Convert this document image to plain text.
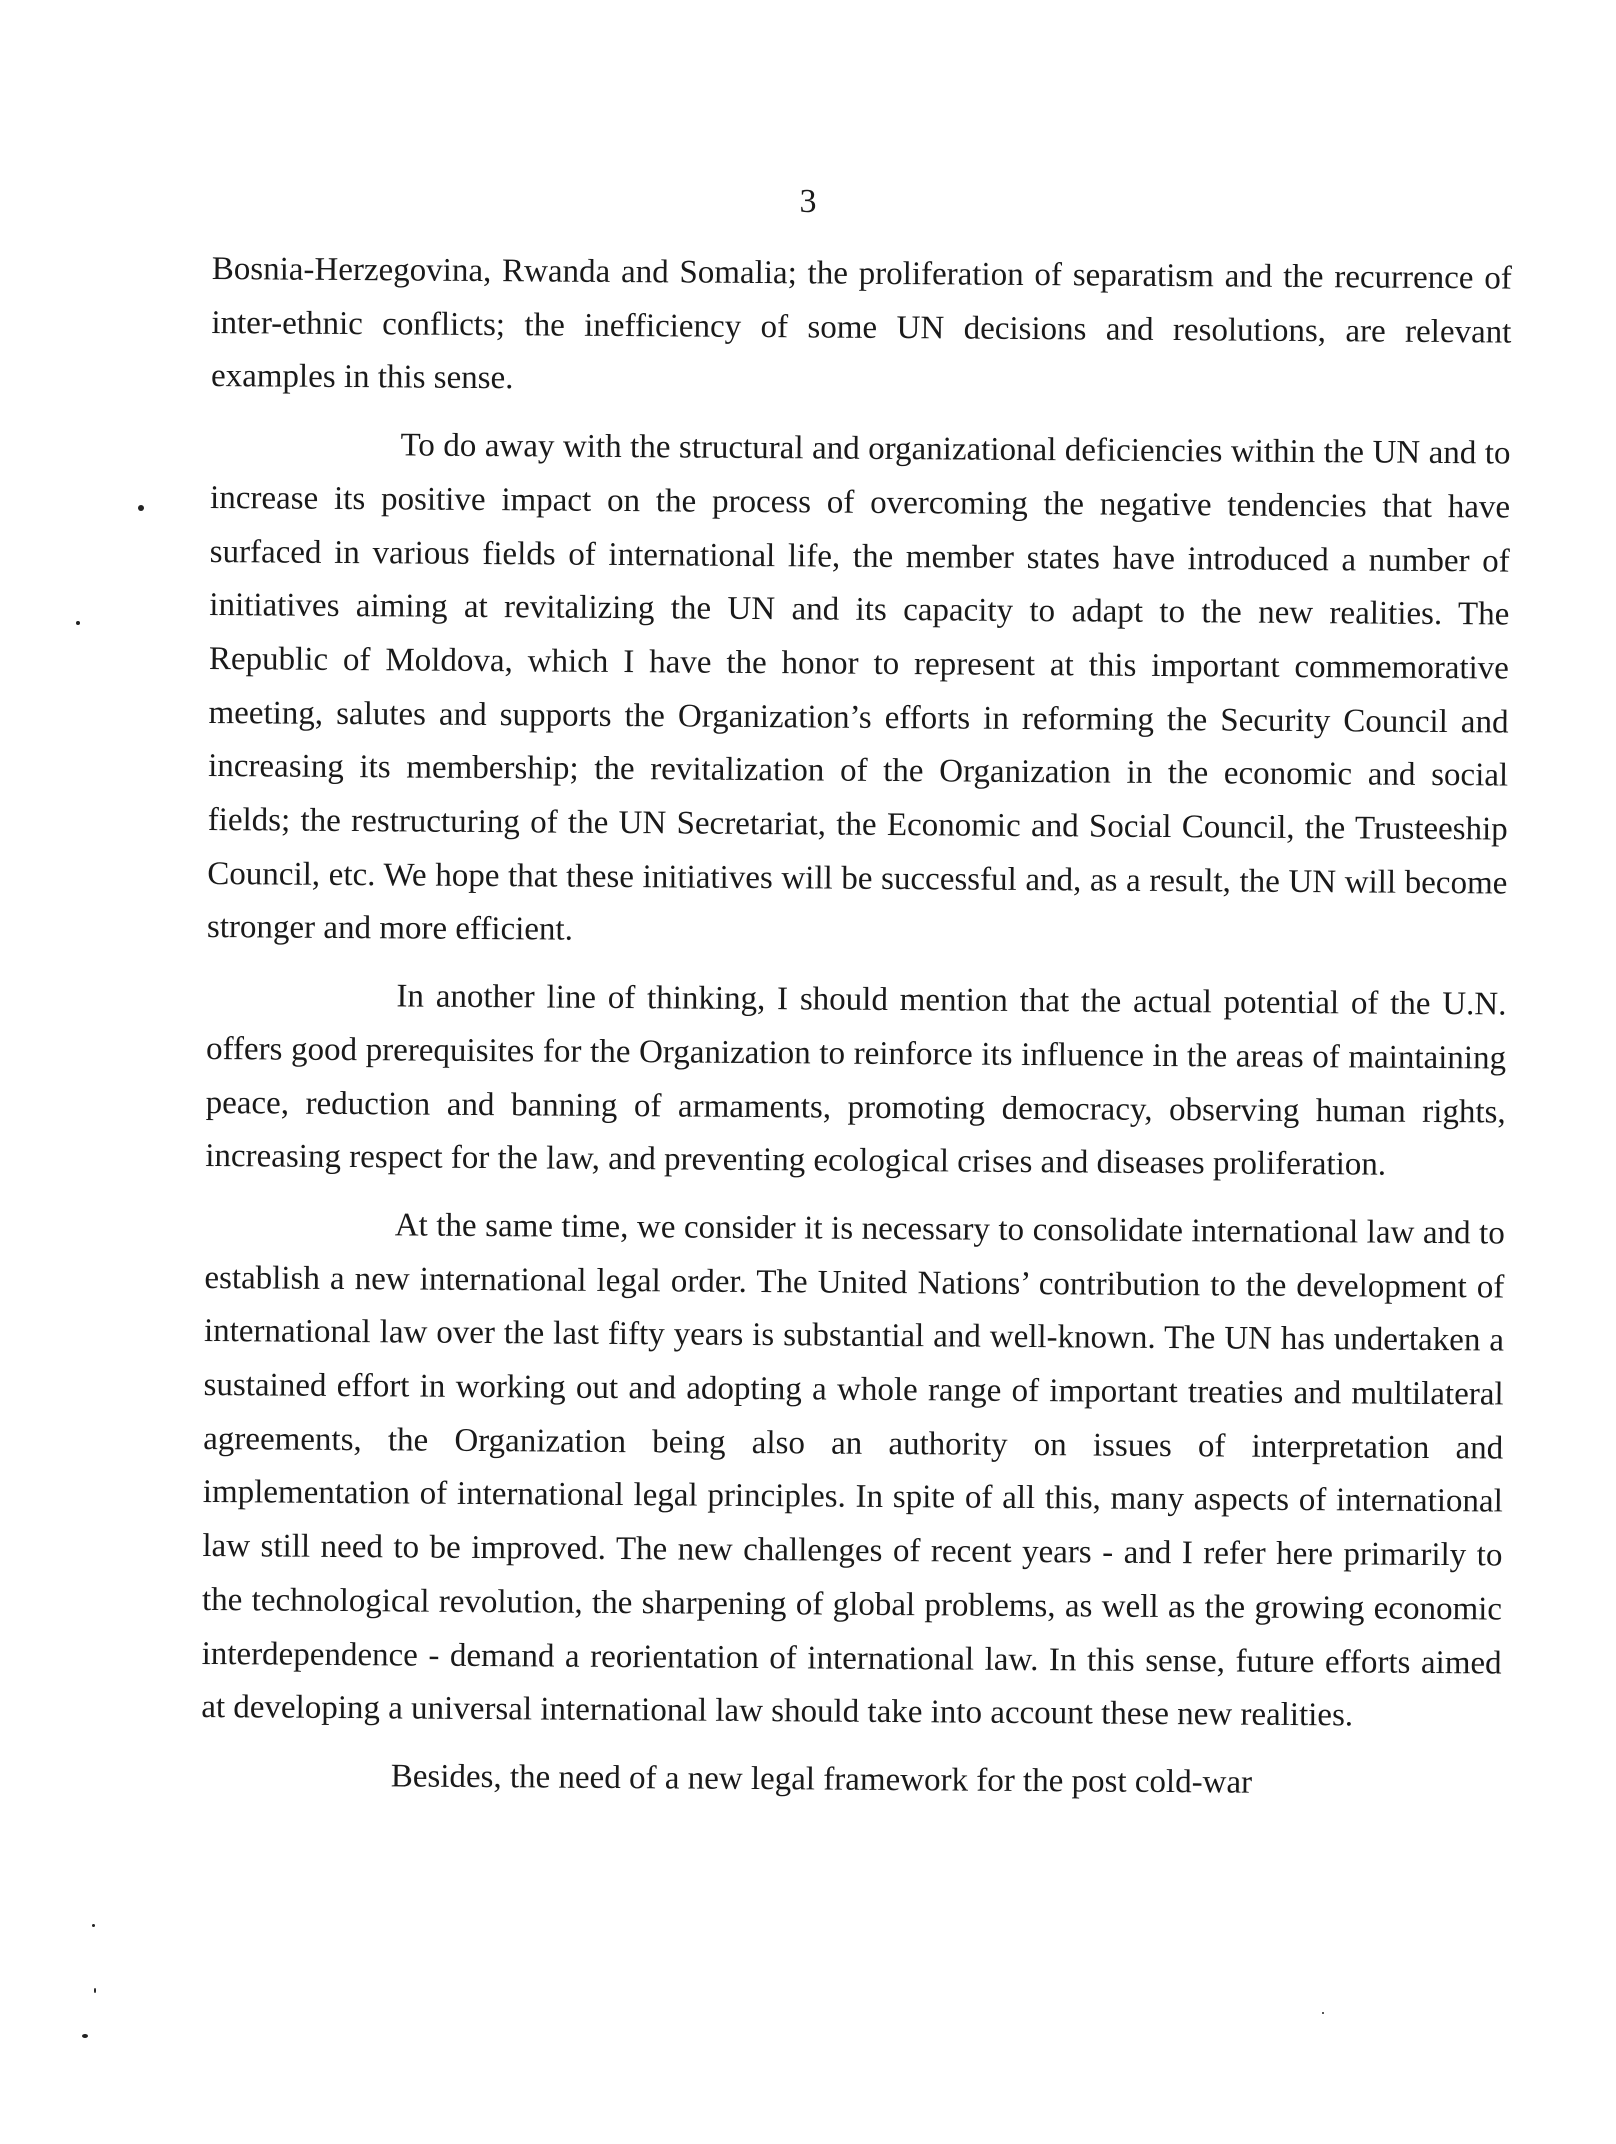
3

Bosnia-Herzegovina, Rwanda and Somalia; the proliferation of separatism and the recurrence of inter-ethnic conflicts; the inefficiency of some UN decisions and resolutions, are relevant examples in this sense.

To do away with the structural and organizational deficiencies within the UN and to increase its positive impact on the process of overcoming the negative tendencies that have surfaced in various fields of international life, the member states have introduced a number of initiatives aiming at revitalizing the UN and its capacity to adapt to the new realities. The Republic of Moldova, which I have the honor to represent at this important commemorative meeting, salutes and supports the Organization’s efforts in reforming the Security Council and increasing its membership; the revitalization of the Organization in the economic and social fields; the restructuring of the UN Secretariat, the Economic and Social Council, the Trusteeship Council, etc. We hope that these initiatives will be successful and, as a result, the UN will become stronger and more efficient.

In another line of thinking, I should mention that the actual potential of the U.N. offers good prerequisites for the Organization to reinforce its influence in the areas of maintaining peace, reduction and banning of armaments, promoting democracy, observing human rights, increasing respect for the law, and preventing ecological crises and diseases proliferation.

At the same time, we consider it is necessary to consolidate international law and to establish a new international legal order. The United Nations’ contribution to the development of international law over the last fifty years is substantial and well-known. The UN has undertaken a sustained effort in working out and adopting a whole range of important treaties and multilateral agreements, the Organization being also an authority on issues of interpretation and implementation of international legal principles. In spite of all this, many aspects of international law still need to be improved. The new challenges of recent years - and I refer here primarily to the technological revolution, the sharpening of global problems, as well as the growing economic interdependence - demand a reorientation of international law. In this sense, future efforts aimed at developing a universal international law should take into account these new realities.

Besides, the need of a new legal framework for the post cold-war
